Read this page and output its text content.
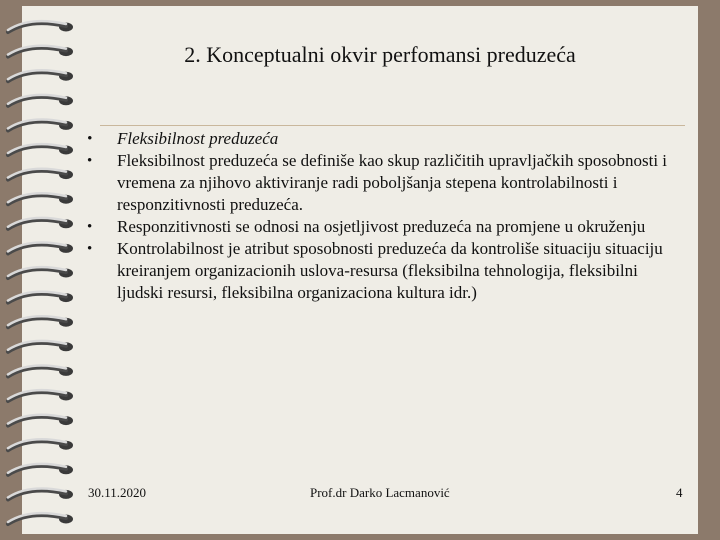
2. Konceptualni okvir perfomansi preduzeća
• Fleksibilnost preduzeća
• Fleksibilnost preduzeća se definiše kao skup različitih upravljačkih sposobnosti i vremena za njihovo aktiviranje radi poboljšanja stepena kontrolabilnosti i responzitivnosti preduzeća.
• Responzitivnosti se odnosi na osjetljivost preduzeća na promjene u okruženju
• Kontrolabilnost je atribut sposobnosti preduzeća da kontroliše situaciju situaciju kreiranjem organizacionih uslova-resursa (fleksibilna tehnologija, fleksibilni ljudski resursi, fleksibilna organizaciona kultura idr.)
30.11.2020	Prof.dr Darko Lacmanović	4
